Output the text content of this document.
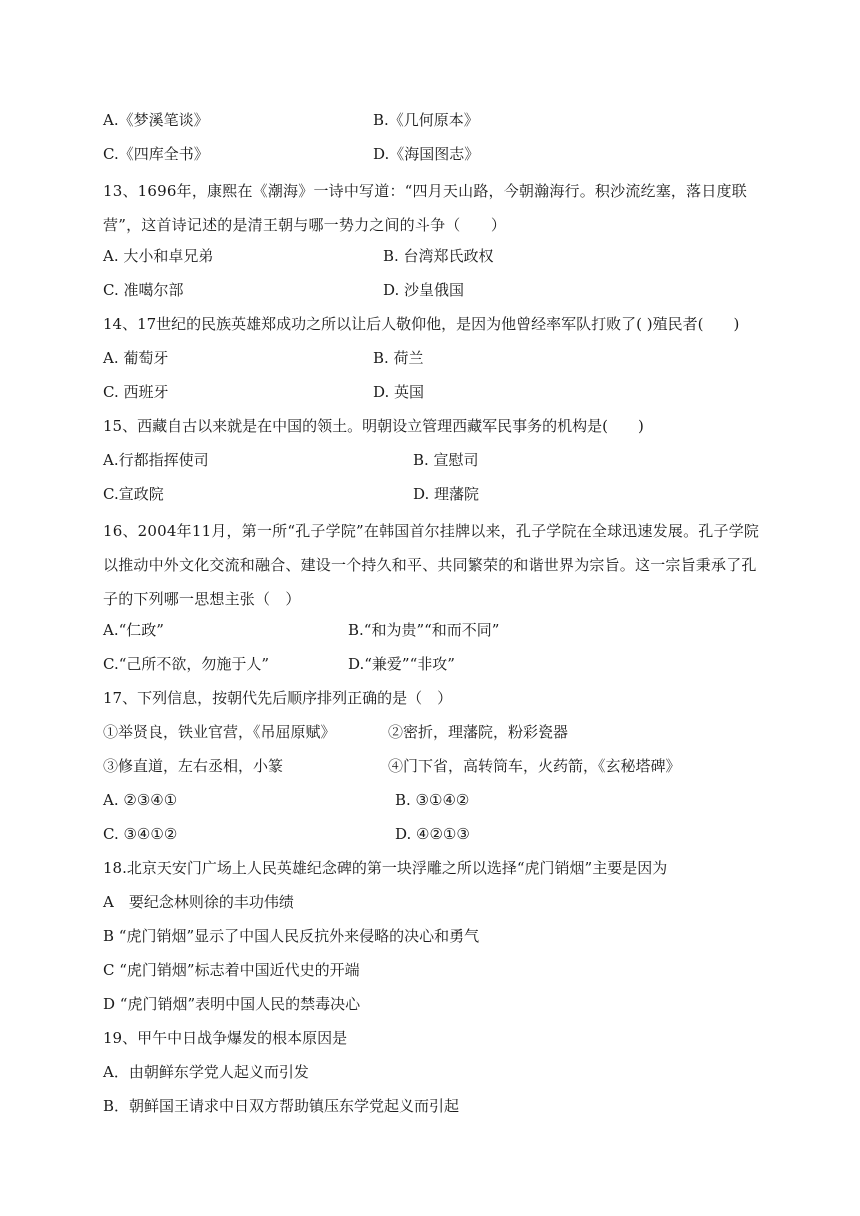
A.《梦溪笔谈》	B.《几何原本》
C.《四库全书》	D.《海国图志》
13、1696年，康熙在《潮海》一诗中写道：“四月天山路，今朝瀚海行。积沙流纥塞，落日度联营”，这首诗记述的是清王朝与哪一势力之间的斗争（　　）
A. 大小和卓兄弟	B. 台湾郑氏政权
C. 准噶尔部	D. 沙皇俄国
14、17世纪的民族英雄郑成功之所以让后人敬仰他，是因为他曾经率军队打败了( )殖民者(　　)
A. 葡萄牙	B. 荷兰
C. 西班牙	D. 英国
15、西藏自古以来就是在中国的领土。明朝设立管理西藏军民事务的机构是(　　)
A.行都指挥使司	B. 宣慰司
C.宣政院	D. 理藩院
16、2004年11月，第一所“孔子学院”在韩国首尔挂牌以来，孔子学院在全球迅速发展。孔子学院以推动中外文化交流和融合、建设一个持久和平、共同繁荣的和谐世界为宗旨。这一宗旨秉承了孔子的下列哪一思想主张（　）
A.“仁政”	B.“和为贵”“和而不同”
C.“己所不欲，勿施于人”	D.“兼爱”“非攻”
17、下列信息，按朝代先后顺序排列正确的是（　）
①举贤良，铁业官营，《吊屈原赋》	②密折，理藩院，粉彩瓷器
③修直道，左右丞相，小篆	④门下省，高转筒车，火药箭，《玄秘塔碑》
A. ②③④①	B. ③①④②
C. ③④①②	D. ④②①③
18.北京天安门广场上人民英雄纪念碑的第一块浮雕之所以选择“虎门销烟”主要是因为
A　要纪念林则徐的丰功伟绩
B “虎门销烟”显示了中国人民反抗外来侵略的决心和勇气
C “虎门销烟”标志着中国近代史的开端
D “虎门销烟”表明中国人民的禁毒决心
19、甲午中日战争爆发的根本原因是
A．由朝鲜东学党人起义而引发
B．朝鲜国王请求中日双方帮助镇压东学党起义而引起
